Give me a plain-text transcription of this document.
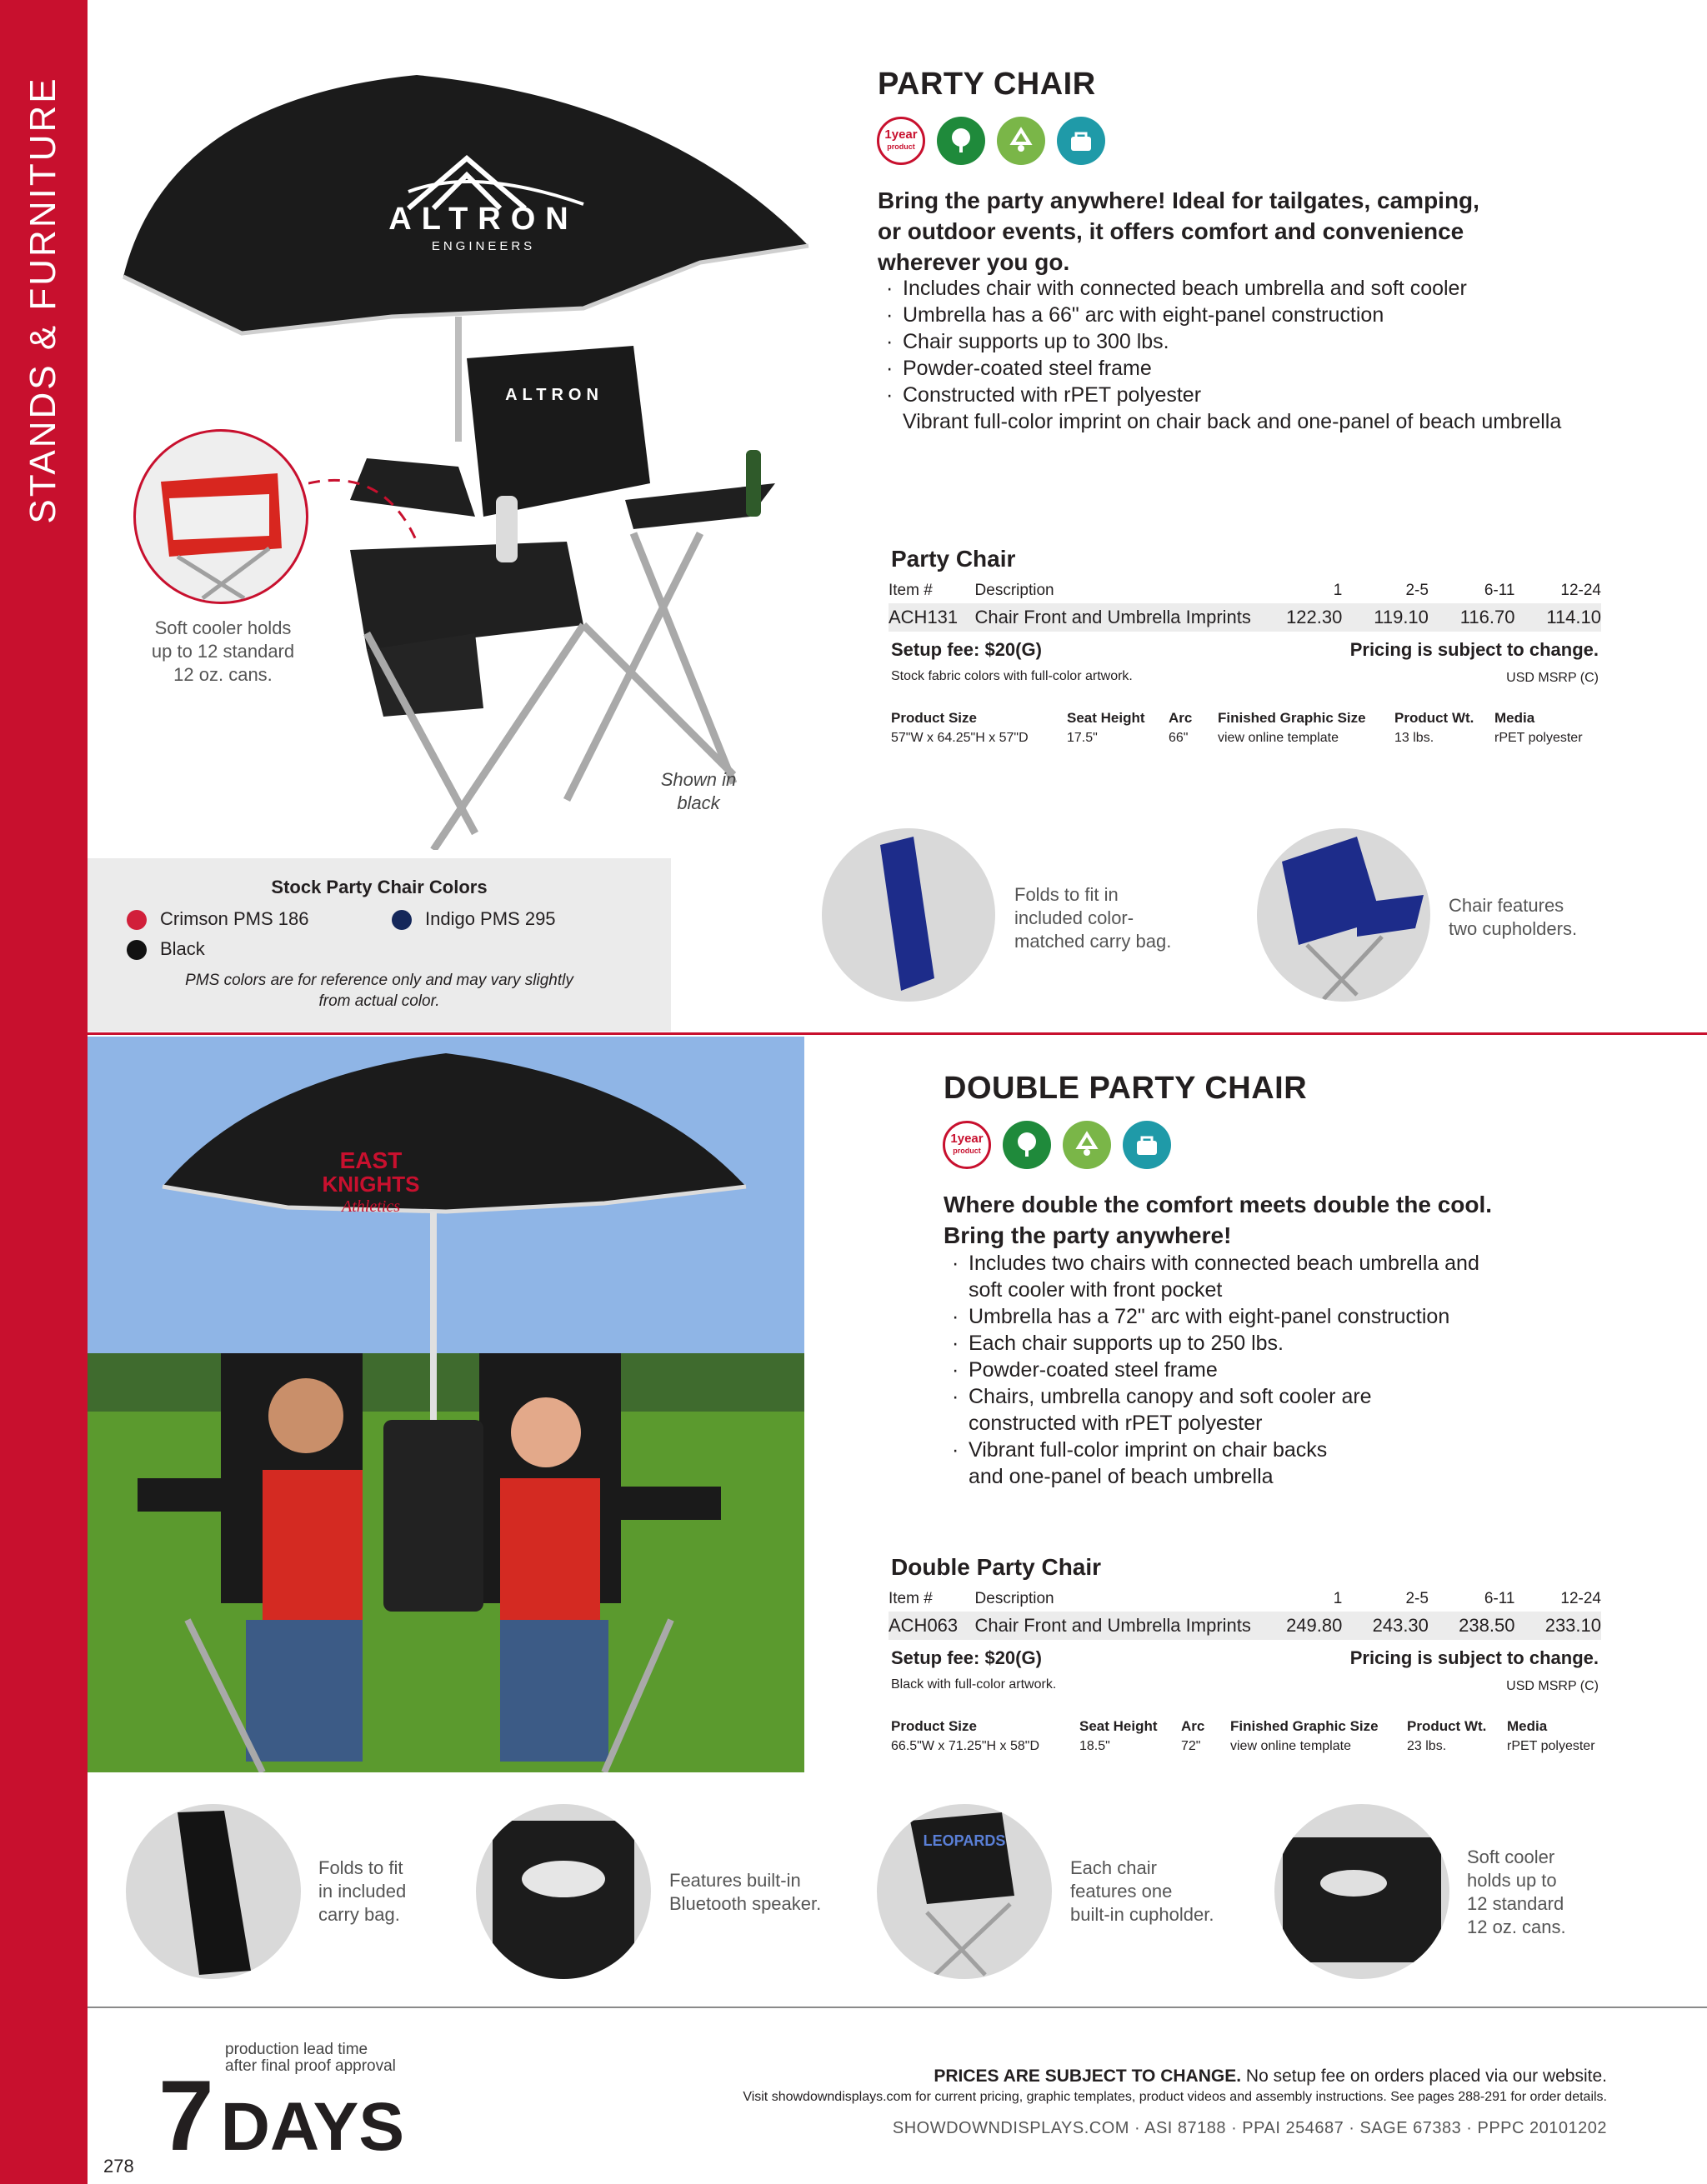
STANDS & FURNITURE	ALTRON
ENGINEERS
ALTRON
Soft cooler holds
up to 12 standard
12 oz. cans.
Shown in
black
PARTY CHAIR
1year
product
Bring the party anywhere! Ideal for tailgates, camping,
or outdoor events, it offers comfort and convenience
wherever you go.
· Includes chair with connected beach umbrella and soft cooler
· Umbrella has a 66" arc with eight-panel construction
· Chair supports up to 300 lbs.
· Powder-coated steel frame
· Constructed with rPET polyester
Vibrant full-color imprint on chair back and one-panel of beach umbrella
Party Chair
Item #	Description	1	2-5	6-11	12-24
ACH131 Chair Front and Umbrella Imprints	122.30	119.10	116.70	114.10
Setup fee: $20(G)	Pricing is subject to change.
Stock fabric colors with full-color artwork.	USD MSRP (C)
Product Size
57"W x 64.25"H x 57"D
Seat Height
17.5"
Arc
66"
Finished Graphic Size
view online template
Product Wt.
13 lbs.
Media
rPET polyester
Stock Party Chair Colors
Crimson PMS 186	Indigo PMS 295
Black
PMS colors are for reference only and may vary slightly
from actual color.
Folds to fit in
included color-
matched carry bag.
Chair features
two cupholders.
EAST
KNIGHTS
Athletics
DOUBLE PARTY CHAIR
1year
product
Where double the comfort meets double the cool.
Bring the party anywhere!
· Includes two chairs with connected beach umbrella and
soft cooler with front pocket
· Umbrella has a 72" arc with eight-panel construction
· Each chair supports up to 250 lbs.
· Powder-coated steel frame
· Chairs, umbrella canopy and soft cooler are
constructed with rPET polyester
· Vibrant full-color imprint on chair backs
and one-panel of beach umbrella
Double Party Chair
Item #	Description	1	2-5	6-11	12-24
ACH063 Chair Front and Umbrella Imprints	249.80	243.30	238.50	233.10
Setup fee: $20(G)	Pricing is subject to change.
Black with full-color artwork.	USD MSRP (C)
Product Size
66.5"W x 71.25"H x 58"D
Seat Height
18.5"
Arc
72"
Finished Graphic Size
view online template
Product Wt.
23 lbs.
Media
rPET polyester
Folds to fit
in included
carry bag.
Features built-in
Bluetooth speaker.
LEOPARDS
Each chair
features one
built-in cupholder.
Soft cooler
holds up to
12 standard
12 oz. cans.
278
production lead time
after final proof approval
7DAYS
PRICES ARE SUBJECT TO CHANGE. No setup fee on orders placed via our website.
Visit showdowndisplays.com for current pricing, graphic templates, product videos and assembly instructions. See pages 288-291 for order details.
SHOWDOWNDISPLAYS.COM · ASI 87188 · PPAI 254687 · SAGE 67383 · PPPC 20101202
